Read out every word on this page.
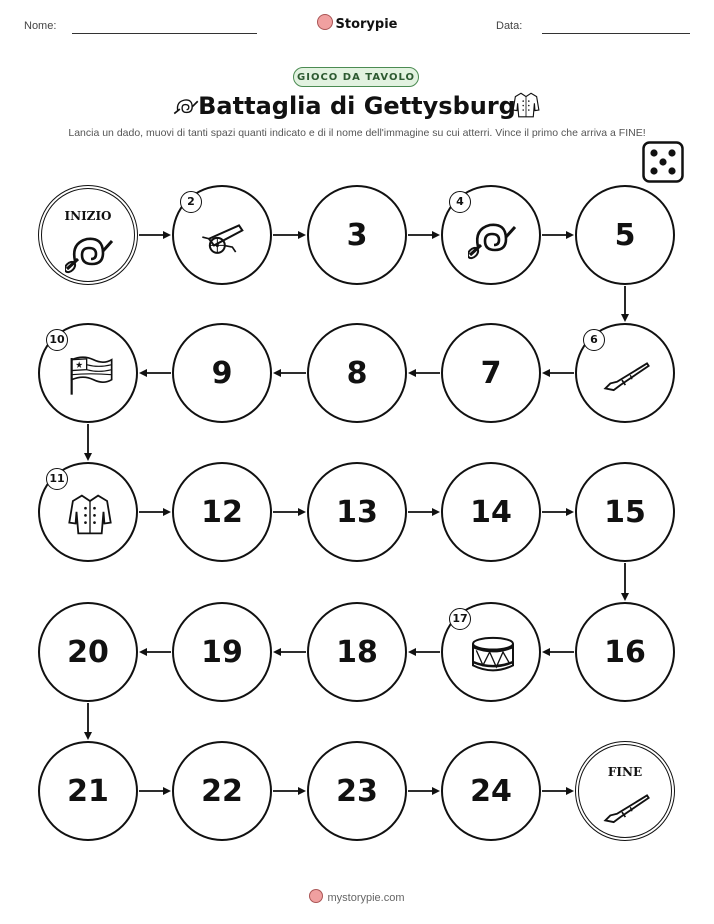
Nome:	Storypie	Data:
GIOCO DA TAVOLO
Battaglia di Gettysburg
Lancia un dado, muovi di tanti spazi quanti indicato e di il nome dell'immagine su cui atterri. Vince il primo che arriva a FINE!
INIZIO
2
3
4
5
6
7
8
9
10
11
12	13	14	15
16
17
18
19
20
21	22	23	24
FINE
mystorypie.com
